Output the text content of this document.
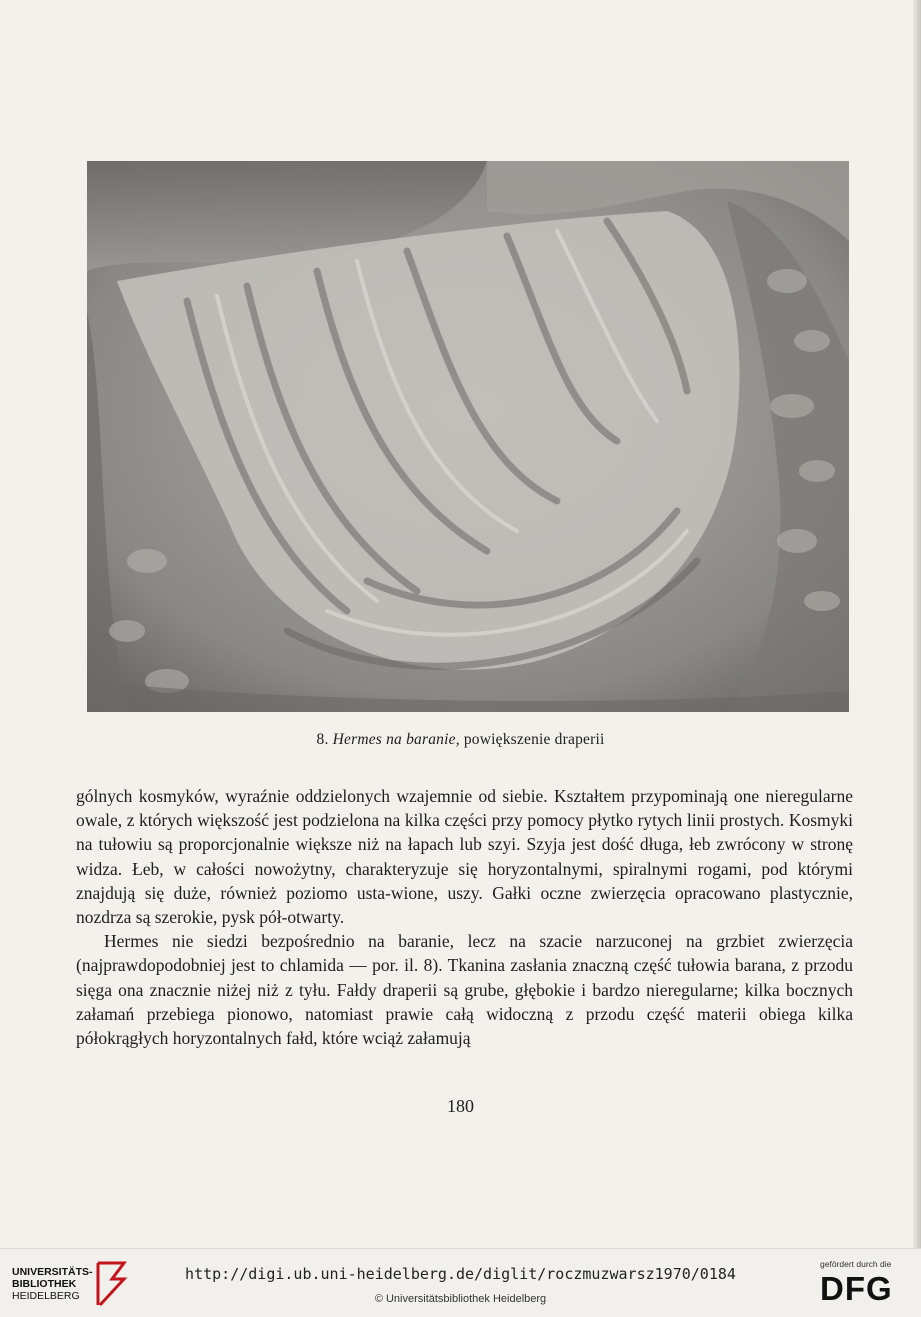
8. Hermes na baranie, powiększenie draperii

gólnych kosmyków, wyraźnie oddzielonych wzajemnie od siebie. Kształtem przypominają one nieregularne owale, z których większość jest podzielona na kilka części przy pomocy płytko rytych linii prostych. Kosmyki na tułowiu są proporcjonalnie większe niż na łapach lub szyi. Szyja jest dość długa, łeb zwrócony w stronę widza. Łeb, w całości nowożytny, charakteryzuje się horyzontalnymi, spiralnymi rogami, pod którymi znajdują się duże, również poziomo usta-wione, uszy. Gałki oczne zwierzęcia opracowano plastycznie, nozdrza są szerokie, pysk pół-otwarty.

Hermes nie siedzi bezpośrednio na baranie, lecz na szacie narzuconej na grzbiet zwierzęcia (najprawdopodobniej jest to chlamida — por. il. 8). Tkanina zasłania znaczną część tułowia barana, z przodu sięga ona znacznie niżej niż z tyłu. Fałdy draperii są grube, głębokie i bardzo nieregularne; kilka bocznych załamań przebiega pionowo, natomiast prawie całą widoczną z przodu część materii obiega kilka półokrągłych horyzontalnych fałd, które wciąż załamują

180
UNIVERSITÄTS-
BIBLIOTHEK
HEIDELBERG
http://digi.ub.uni-heidelberg.de/diglit/roczmuzwarsz1970/0184
© Universitätsbibliothek Heidelberg
gefördert durch die
DFG
